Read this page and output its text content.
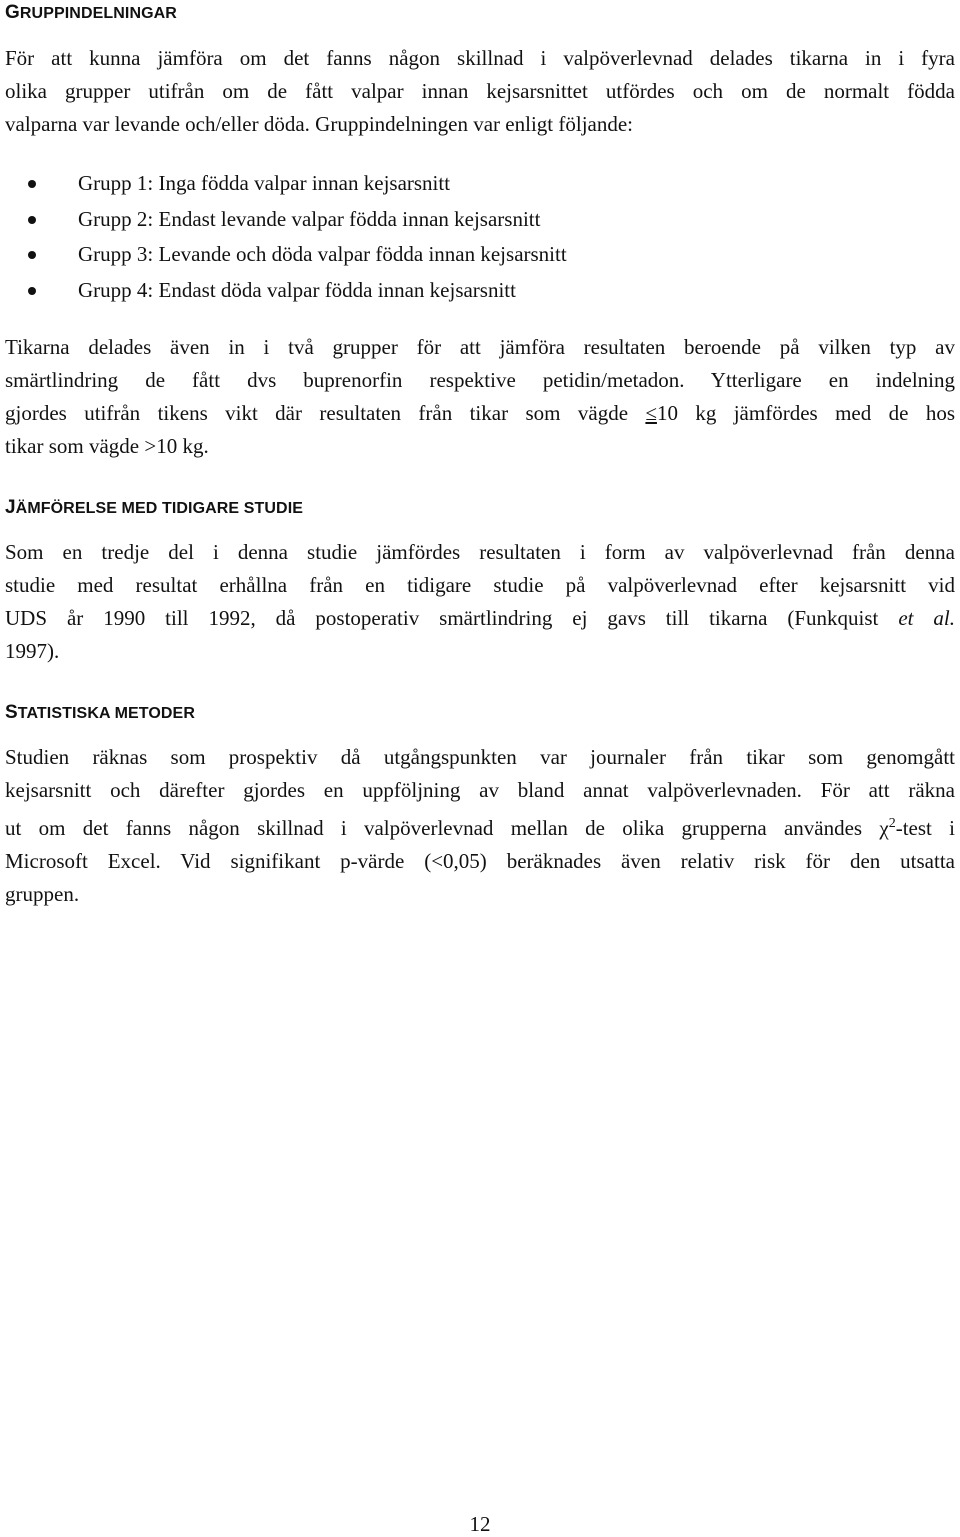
GRUPPINDELNINGAR
För att kunna jämföra om det fanns någon skillnad i valpöverlevnad delades tikarna in i fyra
olika grupper utifrån om de fått valpar innan kejsarsnittet utfördes och om de normalt födda
valparna var levande och/eller döda. Gruppindelningen var enligt följande:
Grupp 1: Inga födda valpar innan kejsarsnitt
Grupp 2: Endast levande valpar födda innan kejsarsnitt
Grupp 3: Levande och döda valpar födda innan kejsarsnitt
Grupp 4: Endast döda valpar födda innan kejsarsnitt
Tikarna delades även in i två grupper för att jämföra resultaten beroende på vilken typ av
smärtlindring de fått dvs buprenorfin respektive petidin/metadon. Ytterligare en indelning
gjordes utifrån tikens vikt där resultaten från tikar som vägde ≤10 kg jämfördes med de hos
tikar som vägde >10 kg.
JÄMFÖRELSE MED TIDIGARE STUDIE
Som en tredje del i denna studie jämfördes resultaten i form av valpöverlevnad från denna
studie med resultat erhållna från en tidigare studie på valpöverlevnad efter kejsarsnitt vid
UDS år 1990 till 1992, då postoperativ smärtlindring ej gavs till tikarna (Funkquist et al.
1997).
STATISTISKA METODER
Studien räknas som prospektiv då utgångspunkten var journaler från tikar som genomgått
kejsarsnitt och därefter gjordes en uppföljning av bland annat valpöverlevnaden. För att räkna
ut om det fanns någon skillnad i valpöverlevnad mellan de olika grupperna användes $\chi^2$-test i
Microsoft Excel. Vid signifikant p-värde (<0,05) beräknades även relativ risk för den utsatta
gruppen.
12
